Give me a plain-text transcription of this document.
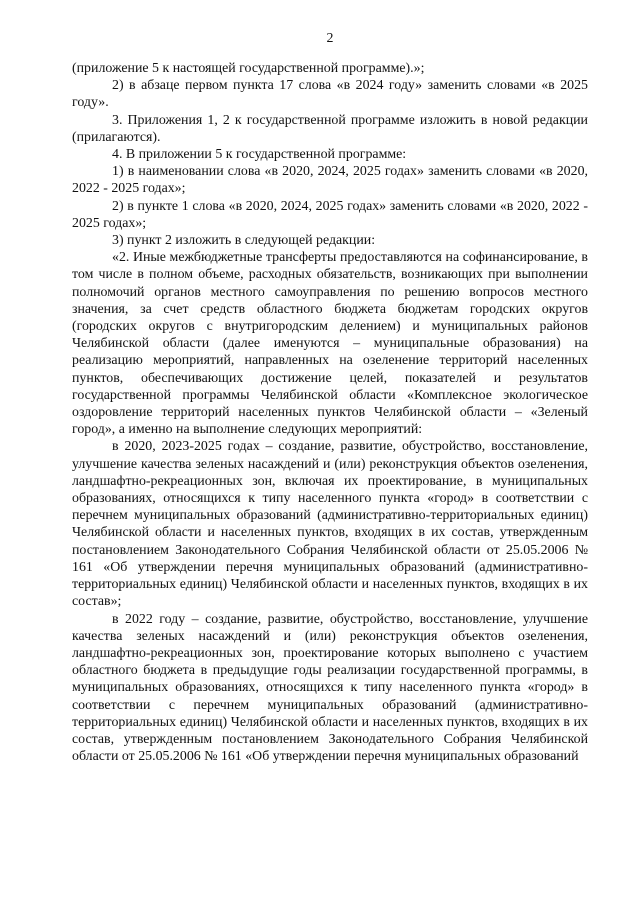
2

(приложение 5 к настоящей государственной программе).»;

2) в абзаце первом пункта 17 слова «в 2024 году» заменить словами «в 2025 году».

3. Приложения 1, 2 к государственной программе изложить в новой редакции (прилагаются).

4. В приложении 5 к государственной программе:

1) в наименовании слова «в 2020, 2024, 2025 годах» заменить словами «в 2020, 2022 - 2025 годах»;

2) в пункте 1 слова «в 2020, 2024, 2025 годах» заменить словами «в 2020, 2022 - 2025 годах»;

3) пункт 2 изложить в следующей редакции:

«2. Иные межбюджетные трансферты предоставляются на софинансирование, в том числе в полном объеме, расходных обязательств, возникающих при выполнении полномочий органов местного самоуправления по решению вопросов местного значения, за счет средств областного бюджета бюджетам городских округов (городских округов с внутригородским делением) и муниципальных районов Челябинской области (далее именуются – муниципальные образования) на реализацию мероприятий, направленных на озеленение территорий населенных пунктов, обеспечивающих достижение целей, показателей и результатов государственной программы Челябинской области «Комплексное экологическое оздоровление территорий населенных пунктов Челябинской области – «Зеленый город», а именно на выполнение следующих мероприятий:

в 2020, 2023-2025 годах – создание, развитие, обустройство, восстановление, улучшение качества зеленых насаждений и (или) реконструкция объектов озеленения, ландшафтно-рекреационных зон, включая их проектирование, в муниципальных образованиях, относящихся к типу населенного пункта «город» в соответствии с перечнем муниципальных образований (административно-территориальных единиц) Челябинской области и населенных пунктов, входящих в их состав, утвержденным постановлением Законодательного Собрания Челябинской области от 25.05.2006 № 161 «Об утверждении перечня муниципальных образований (административно-территориальных единиц) Челябинской области и населенных пунктов, входящих в их состав»;

в 2022 году – создание, развитие, обустройство, восстановление, улучшение качества зеленых насаждений и (или) реконструкция объектов озеленения, ландшафтно-рекреационных зон, проектирование которых выполнено с участием областного бюджета в предыдущие годы реализации государственной программы, в муниципальных образованиях, относящихся к типу населенного пункта «город» в соответствии с перечнем муниципальных образований (административно-территориальных единиц) Челябинской области и населенных пунктов, входящих в их состав, утвержденным постановлением Законодательного Собрания Челябинской области от 25.05.2006 № 161 «Об утверждении перечня муниципальных образований
